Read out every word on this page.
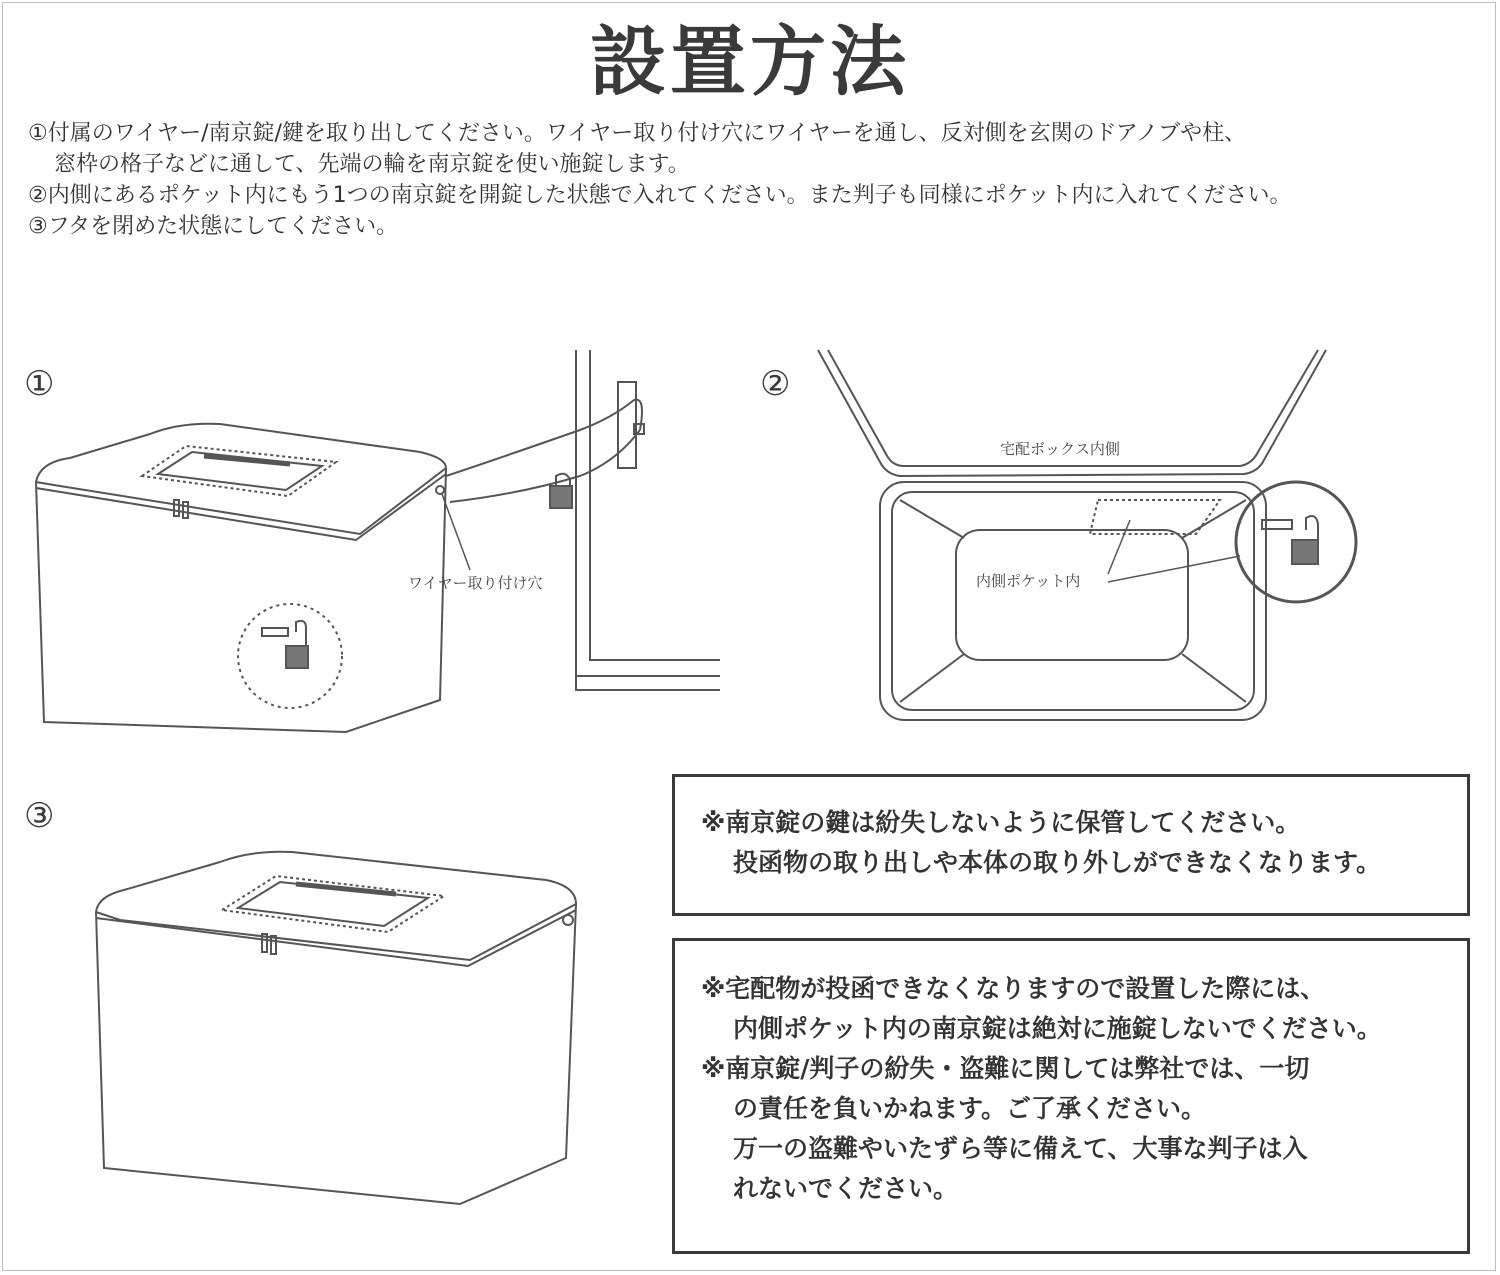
設置方法
①付属のワイヤー/南京錠/鍵を取り出してください。ワイヤー取り付け穴にワイヤーを通し、反対側を玄関のドアノブや柱、
窓枠の格子などに通して、先端の輪を南京錠を使い施錠します。
②内側にあるポケット内にもう1つの南京錠を開錠した状態で入れてください。また判子も同様にポケット内に入れてください。
③フタを閉めた状態にしてください。
①
ワイヤー取り付け穴
②
宅配ボックス内側
内側ポケット内
③	※南京錠の鍵は紛失しないように保管してください。
投函物の取り出しや本体の取り外しができなくなります。
※宅配物が投函できなくなりますので設置した際には、
内側ポケット内の南京錠は絶対に施錠しないでください。
※南京錠/判子の紛失・盗難に関しては弊社では、一切
の責任を負いかねます。ご了承ください。
万一の盗難やいたずら等に備えて、大事な判子は入
れないでください。
